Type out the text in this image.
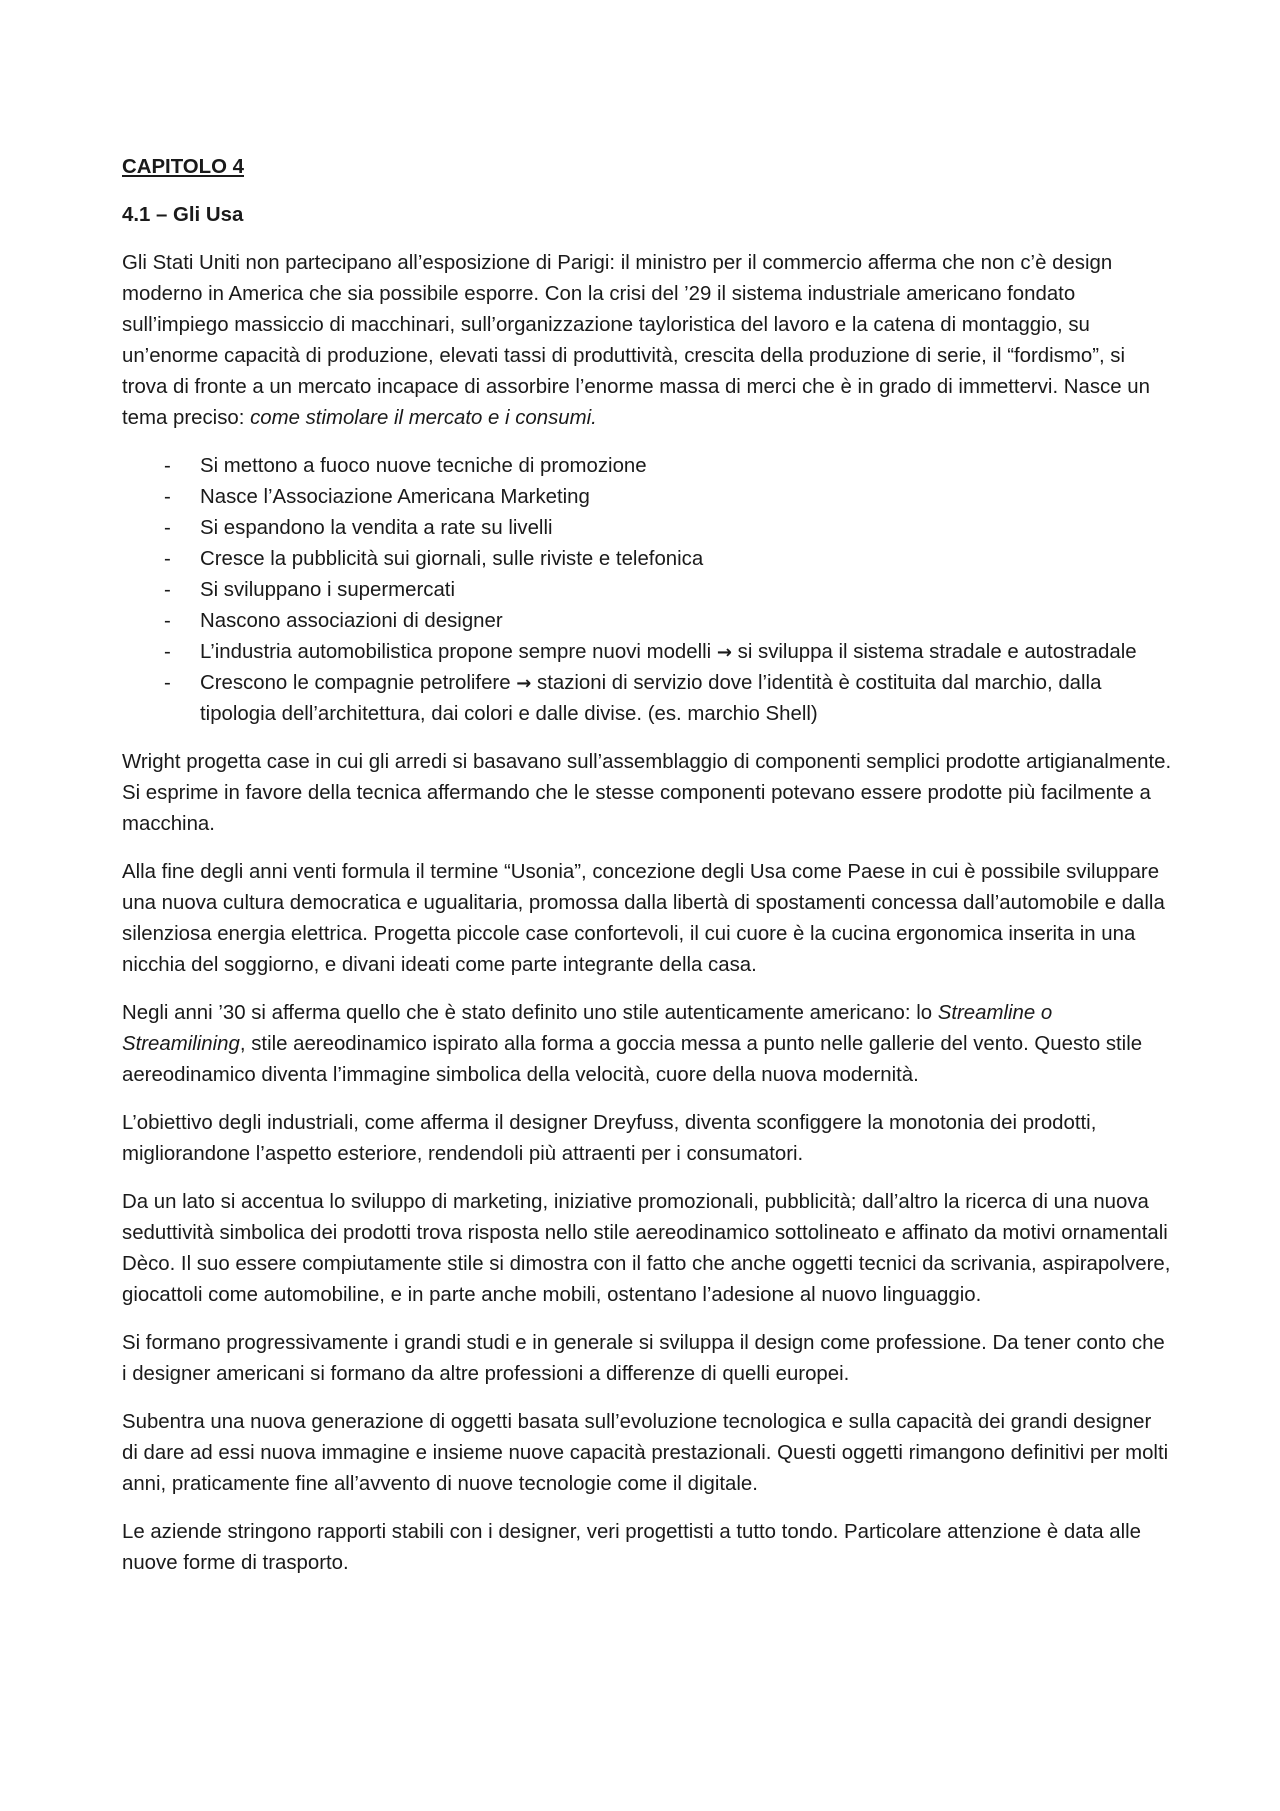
CAPITOLO 4
4.1 – Gli Usa

Gli Stati Uniti non partecipano all’esposizione di Parigi: il ministro per il commercio afferma che non c’è design moderno in America che sia possibile esporre. Con la crisi del ’29 il sistema industriale americano fondato sull’impiego massiccio di macchinari, sull’organizzazione tayloristica del lavoro e la catena di montaggio, su un’enorme capacità di produzione, elevati tassi di produttività, crescita della produzione di serie, il “fordismo”, si trova di fronte a un mercato incapace di assorbire l’enorme massa di merci che è in grado di immettervi. Nasce un tema preciso: come stimolare il mercato e i consumi.

- Si mettono a fuoco nuove tecniche di promozione
- Nasce l’Associazione Americana Marketing
- Si espandono la vendita a rate su livelli
- Cresce la pubblicità sui giornali, sulle riviste e telefonica
- Si sviluppano i supermercati
- Nascono associazioni di designer
- L’industria automobilistica propone sempre nuovi modelli → si sviluppa il sistema stradale e autostradale
- Crescono le compagnie petrolifere → stazioni di servizio dove l’identità è costituita dal marchio, dalla tipologia dell’architettura, dai colori e dalle divise. (es. marchio Shell)

Wright progetta case in cui gli arredi si basavano sull’assemblaggio di componenti semplici prodotte artigianalmente. Si esprime in favore della tecnica affermando che le stesse componenti potevano essere prodotte più facilmente a macchina.

Alla fine degli anni venti formula il termine “Usonia”, concezione degli Usa come Paese in cui è possibile sviluppare una nuova cultura democratica e ugualitaria, promossa dalla libertà di spostamenti concessa dall’automobile e dalla silenziosa energia elettrica. Progetta piccole case confortevoli, il cui cuore è la cucina ergonomica inserita in una nicchia del soggiorno, e divani ideati come parte integrante della casa.

Negli anni ’30 si afferma quello che è stato definito uno stile autenticamente americano: lo Streamline o Streamilining, stile aereodinamico ispirato alla forma a goccia messa a punto nelle gallerie del vento. Questo stile aereodinamico diventa l’immagine simbolica della velocità, cuore della nuova modernità.

L’obiettivo degli industriali, come afferma il designer Dreyfuss, diventa sconfiggere la monotonia dei prodotti, migliorandone l’aspetto esteriore, rendendoli più attraenti per i consumatori.

Da un lato si accentua lo sviluppo di marketing, iniziative promozionali, pubblicità; dall’altro la ricerca di una nuova seduttività simbolica dei prodotti trova risposta nello stile aereodinamico sottolineato e affinato da motivi ornamentali Dèco. Il suo essere compiutamente stile si dimostra con il fatto che anche oggetti tecnici da scrivania, aspirapolvere, giocattoli come automobiline, e in parte anche mobili, ostentano l’adesione al nuovo linguaggio.

Si formano progressivamente i grandi studi e in generale si sviluppa il design come professione. Da tener conto che i designer americani si formano da altre professioni a differenze di quelli europei.

Subentra una nuova generazione di oggetti basata sull’evoluzione tecnologica e sulla capacità dei grandi designer di dare ad essi nuova immagine e insieme nuove capacità prestazionali. Questi oggetti rimangono definitivi per molti anni, praticamente fine all’avvento di nuove tecnologie come il digitale.

Le aziende stringono rapporti stabili con i designer, veri progettisti a tutto tondo. Particolare attenzione è data alle nuove forme di trasporto.
